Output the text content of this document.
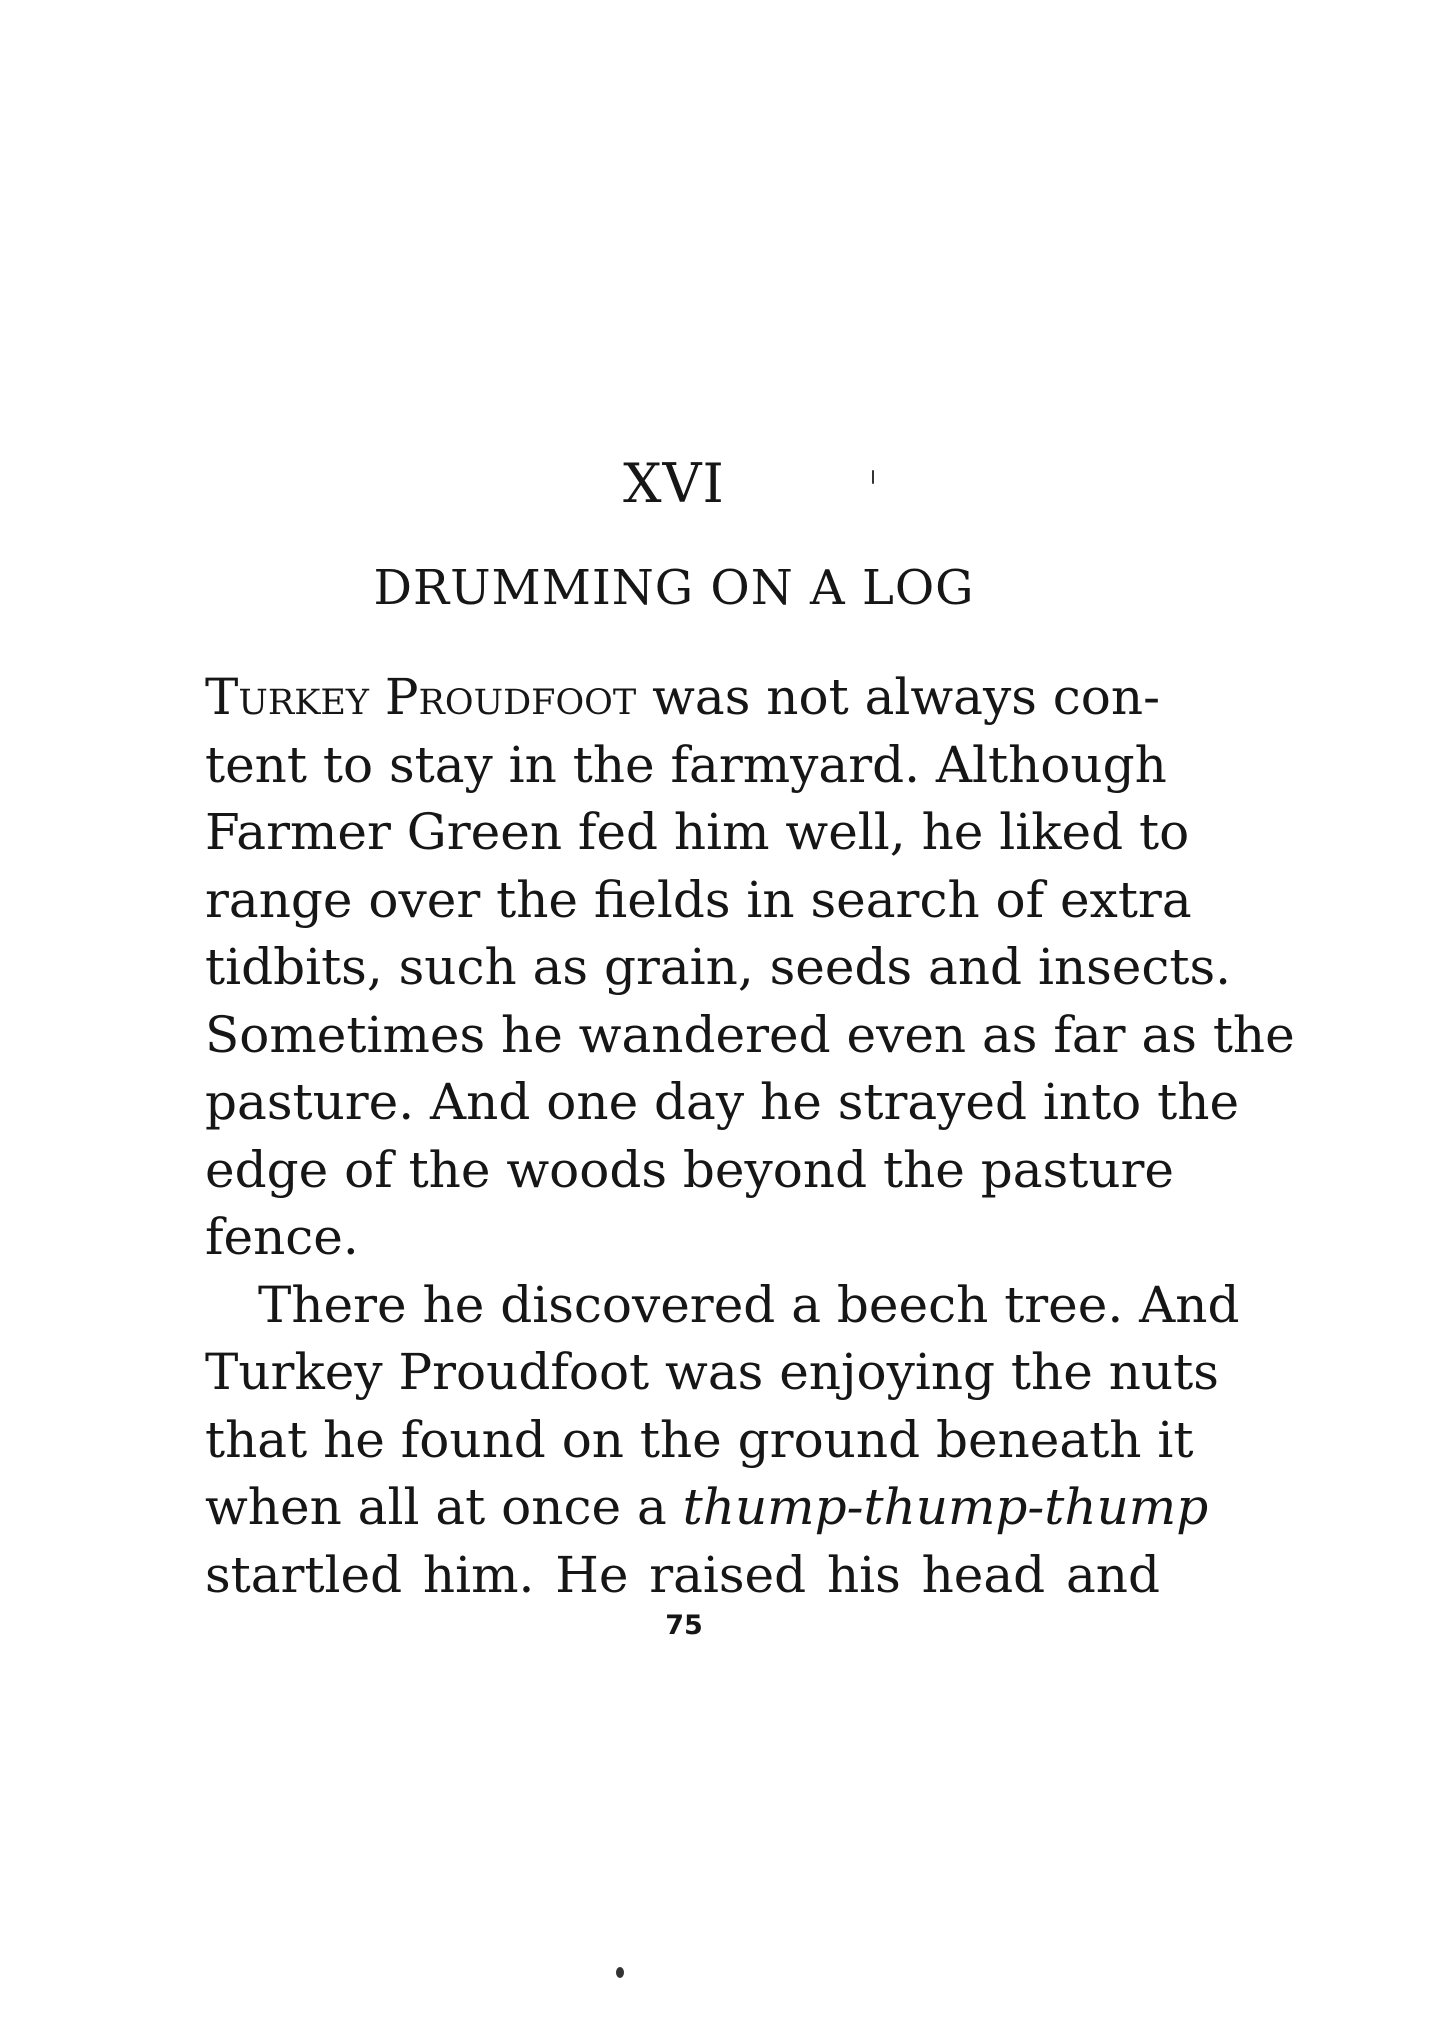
XVI
DRUMMING ON A LOG
Turkey Proudfoot was not always con-
tent to stay in the farmyard. Although
Farmer Green fed him well, he liked to
range over the fields in search of extra
tidbits, such as grain, seeds and insects.
Sometimes he wandered even as far as the
pasture. And one day he strayed into the
edge of the woods beyond the pasture
fence.
There he discovered a beech tree. And
Turkey Proudfoot was enjoying the nuts
that he found on the ground beneath it
when all at once a thump-thump-thump
startled him. He raised his head and
75
